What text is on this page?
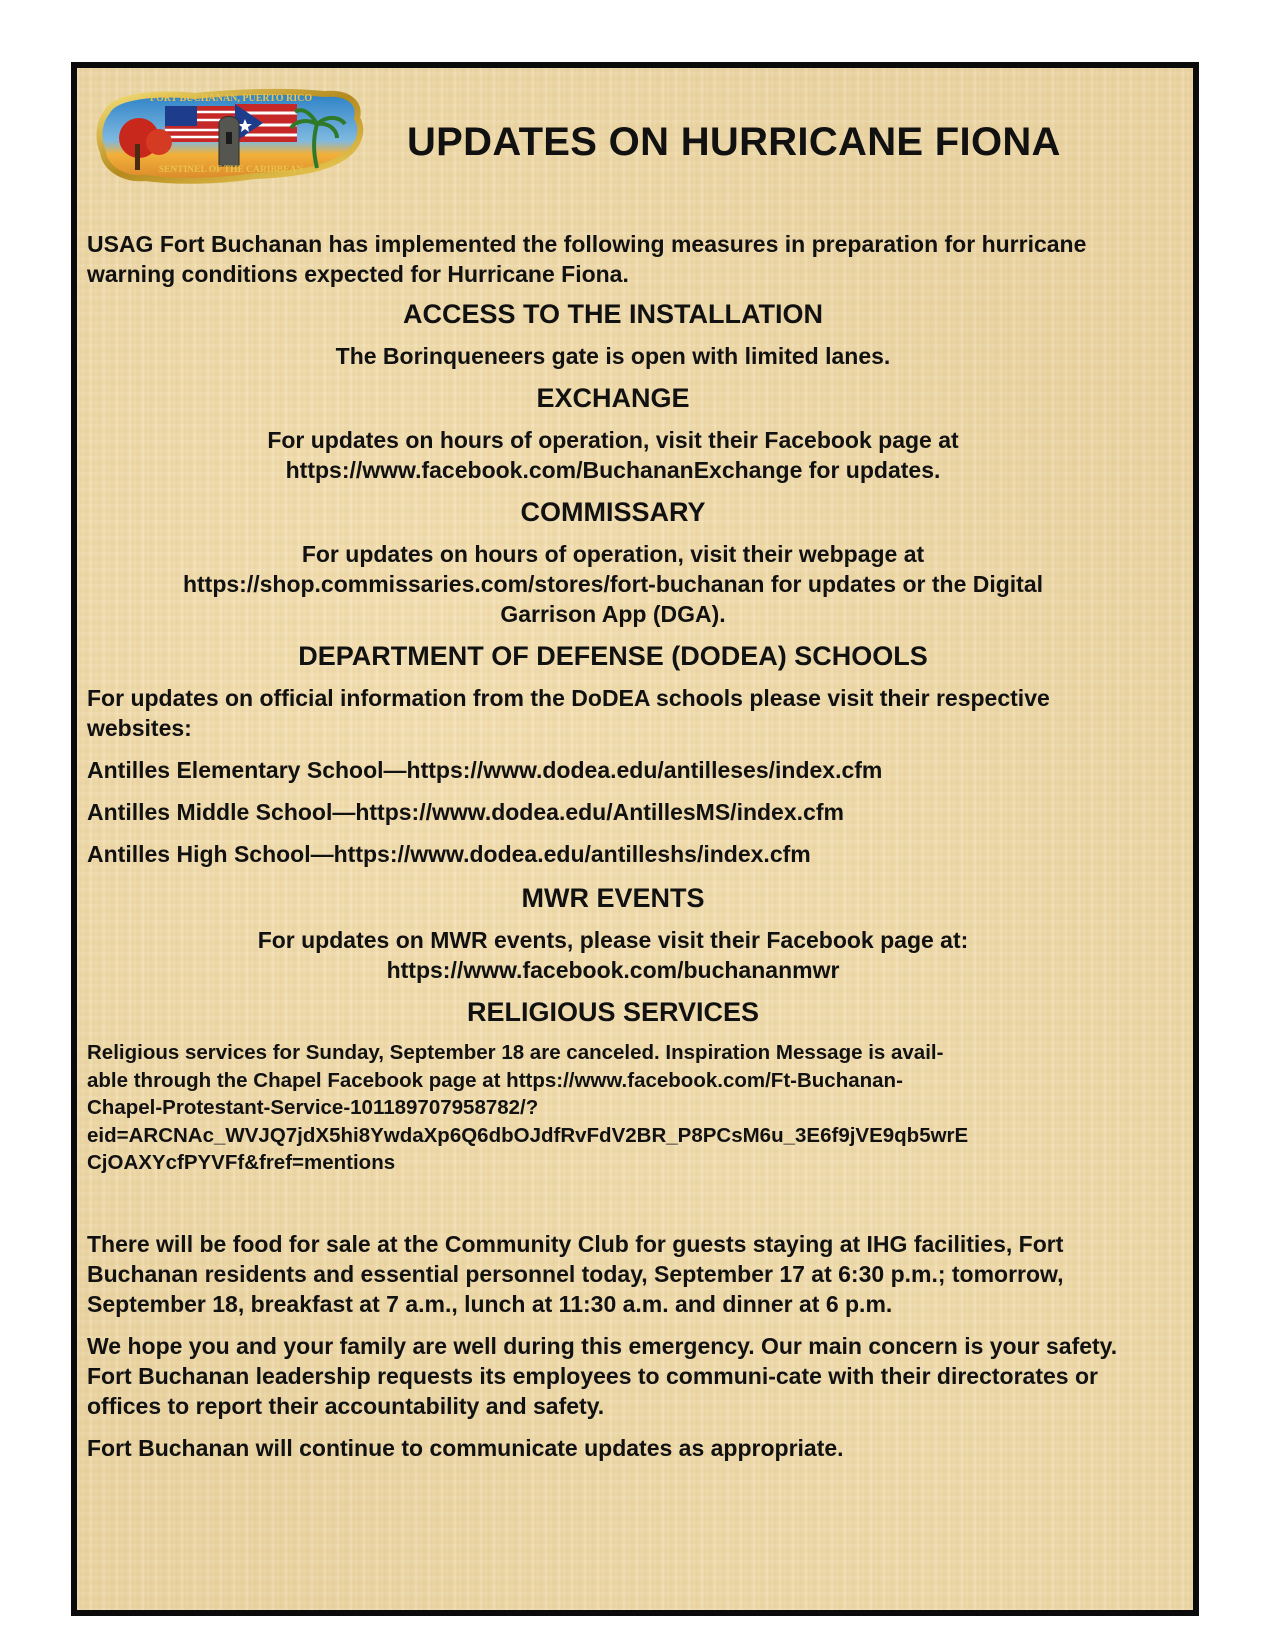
FORT BUCHANAN, PUERTO RICO
SENTINEL OF THE CARIBBEAN
UPDATES ON HURRICANE FIONA

USAG Fort Buchanan has implemented the following measures in preparation for hurricane warning conditions expected for Hurricane Fiona.

ACCESS TO THE INSTALLATION

The Borinqueneers gate is open with limited lanes.

EXCHANGE

For updates on hours of operation, visit their Facebook page at

https://www.facebook.com/BuchananExchange for updates.

COMMISSARY

For updates on hours of operation, visit their webpage at

https://shop.commissaries.com/stores/fort-buchanan for updates or the Digital

Garrison App (DGA).

DEPARTMENT OF DEFENSE (DODEA) SCHOOLS

For updates on official information from the DoDEA schools please visit their respective websites:

Antilles Elementary School—https://www.dodea.edu/antilleses/index.cfm

Antilles Middle School—https://www.dodea.edu/AntillesMS/index.cfm

Antilles High School—https://www.dodea.edu/antilleshs/index.cfm

MWR EVENTS

For updates on MWR events, please visit their Facebook page at:

https://www.facebook.com/buchananmwr

RELIGIOUS SERVICES

Religious services for Sunday, September 18 are canceled. Inspiration Message is avail-

able through the Chapel Facebook page at https://www.facebook.com/Ft-Buchanan-

Chapel-Protestant-Service-101189707958782/?

eid=ARCNAc_WVJQ7jdX5hi8YwdaXp6Q6dbOJdfRvFdV2BR_P8PCsM6u_3E6f9jVE9qb5wrE

CjOAXYcfPYVFf&fref=mentions

There will be food for sale at the Community Club for guests staying at IHG facilities, Fort Buchanan residents and essential personnel today, September 17 at 6:30 p.m.; tomorrow, September 18, breakfast at 7 a.m., lunch at 11:30 a.m. and dinner at 6 p.m.

We hope you and your family are well during this emergency. Our main concern is your safety. Fort Buchanan leadership requests its employees to communi-cate with their directorates or offices to report their accountability and safety.

Fort Buchanan will continue to communicate updates as appropriate.
